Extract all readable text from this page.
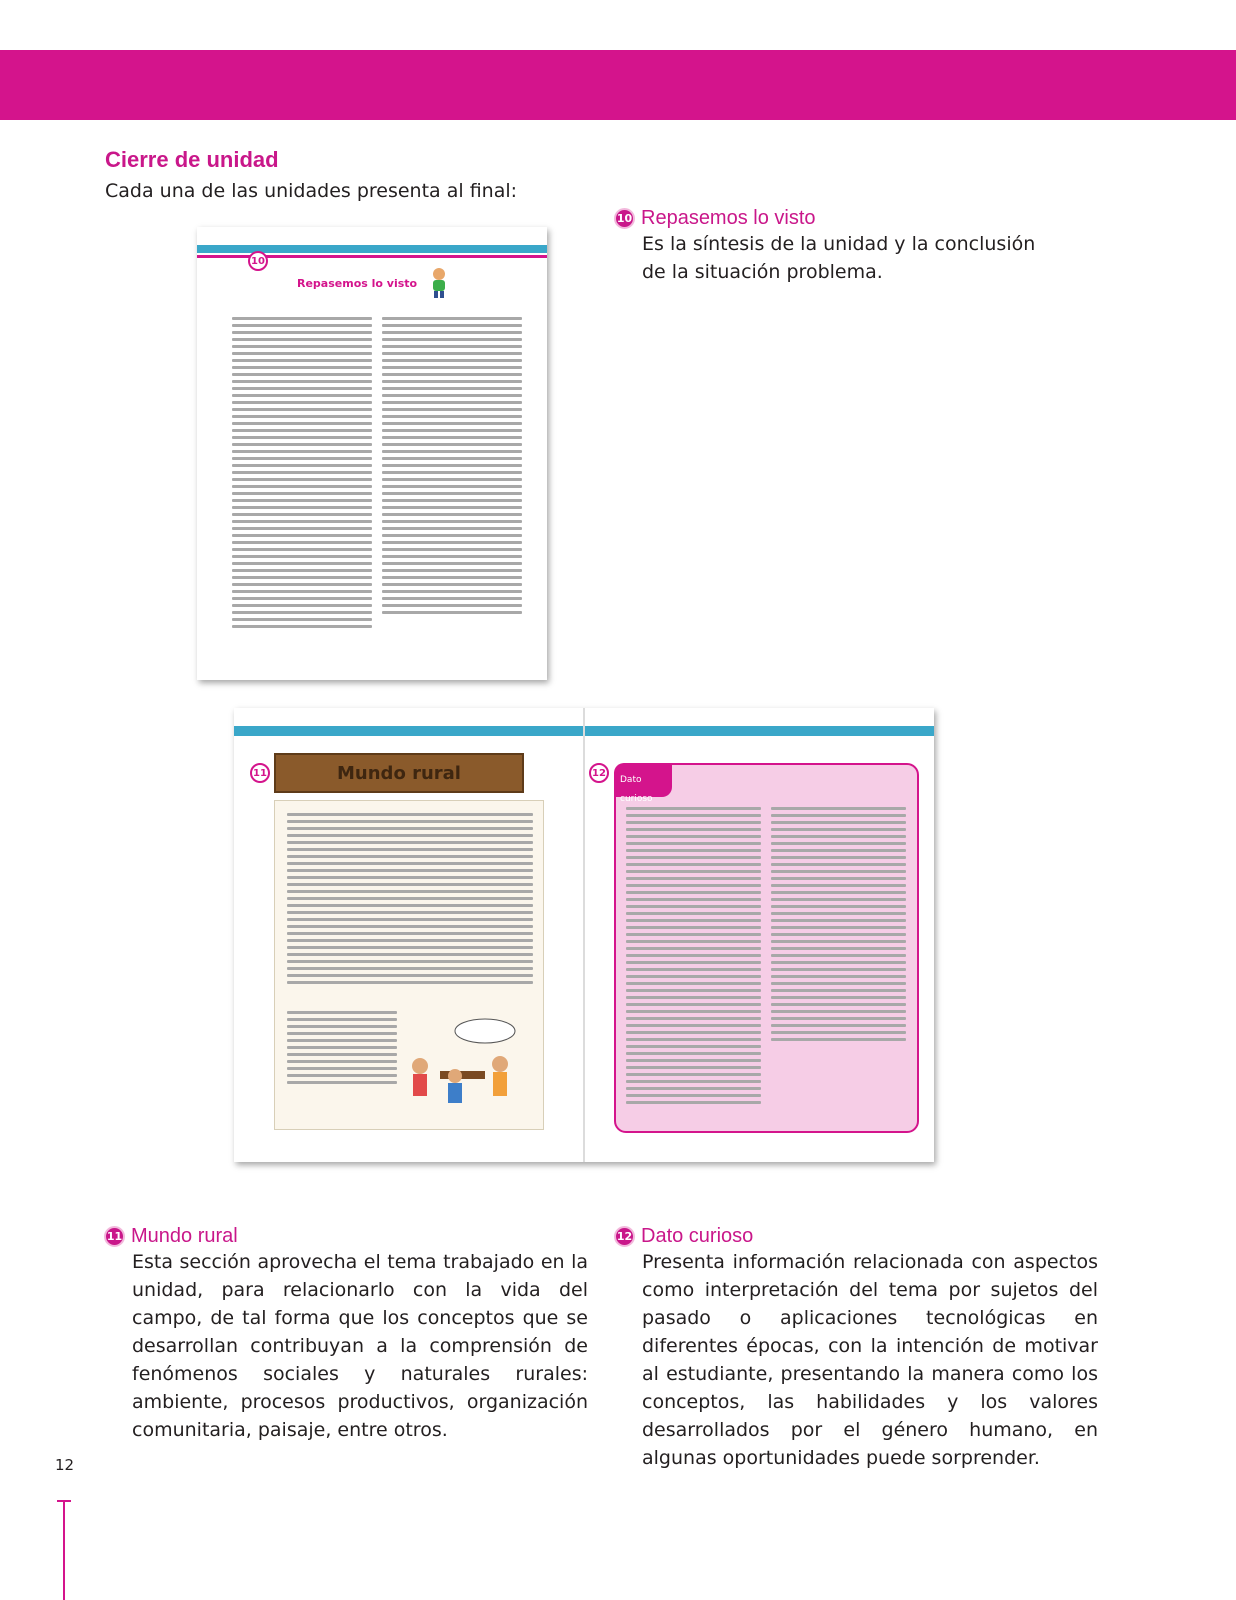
Cierre de unidad

Cada una de las unidades presenta al final:

10
Repasemos lo visto
11	Mundo rural	12
Dato curioso
10 Repasemos lo visto

Es la síntesis de la unidad y la conclusión de la situación problema.

11 Mundo rural

Esta sección aprovecha el tema trabajado en la unidad, para relacionarlo con la vida del campo, de tal forma que los conceptos que se desarrollan contribuyan a la comprensión de fenómenos sociales y naturales rurales: ambiente, procesos productivos, organización comunitaria, paisaje, entre otros.

12 Dato curioso

Presenta información relacionada con aspectos como interpretación del tema por sujetos del pasado o aplicaciones tecnológicas en diferentes épocas, con la intención de motivar al estudiante, presentando la manera como los conceptos, las habilidades y los valores desarrollados por el género humano, en algunas oportunidades puede sorprender.

12
